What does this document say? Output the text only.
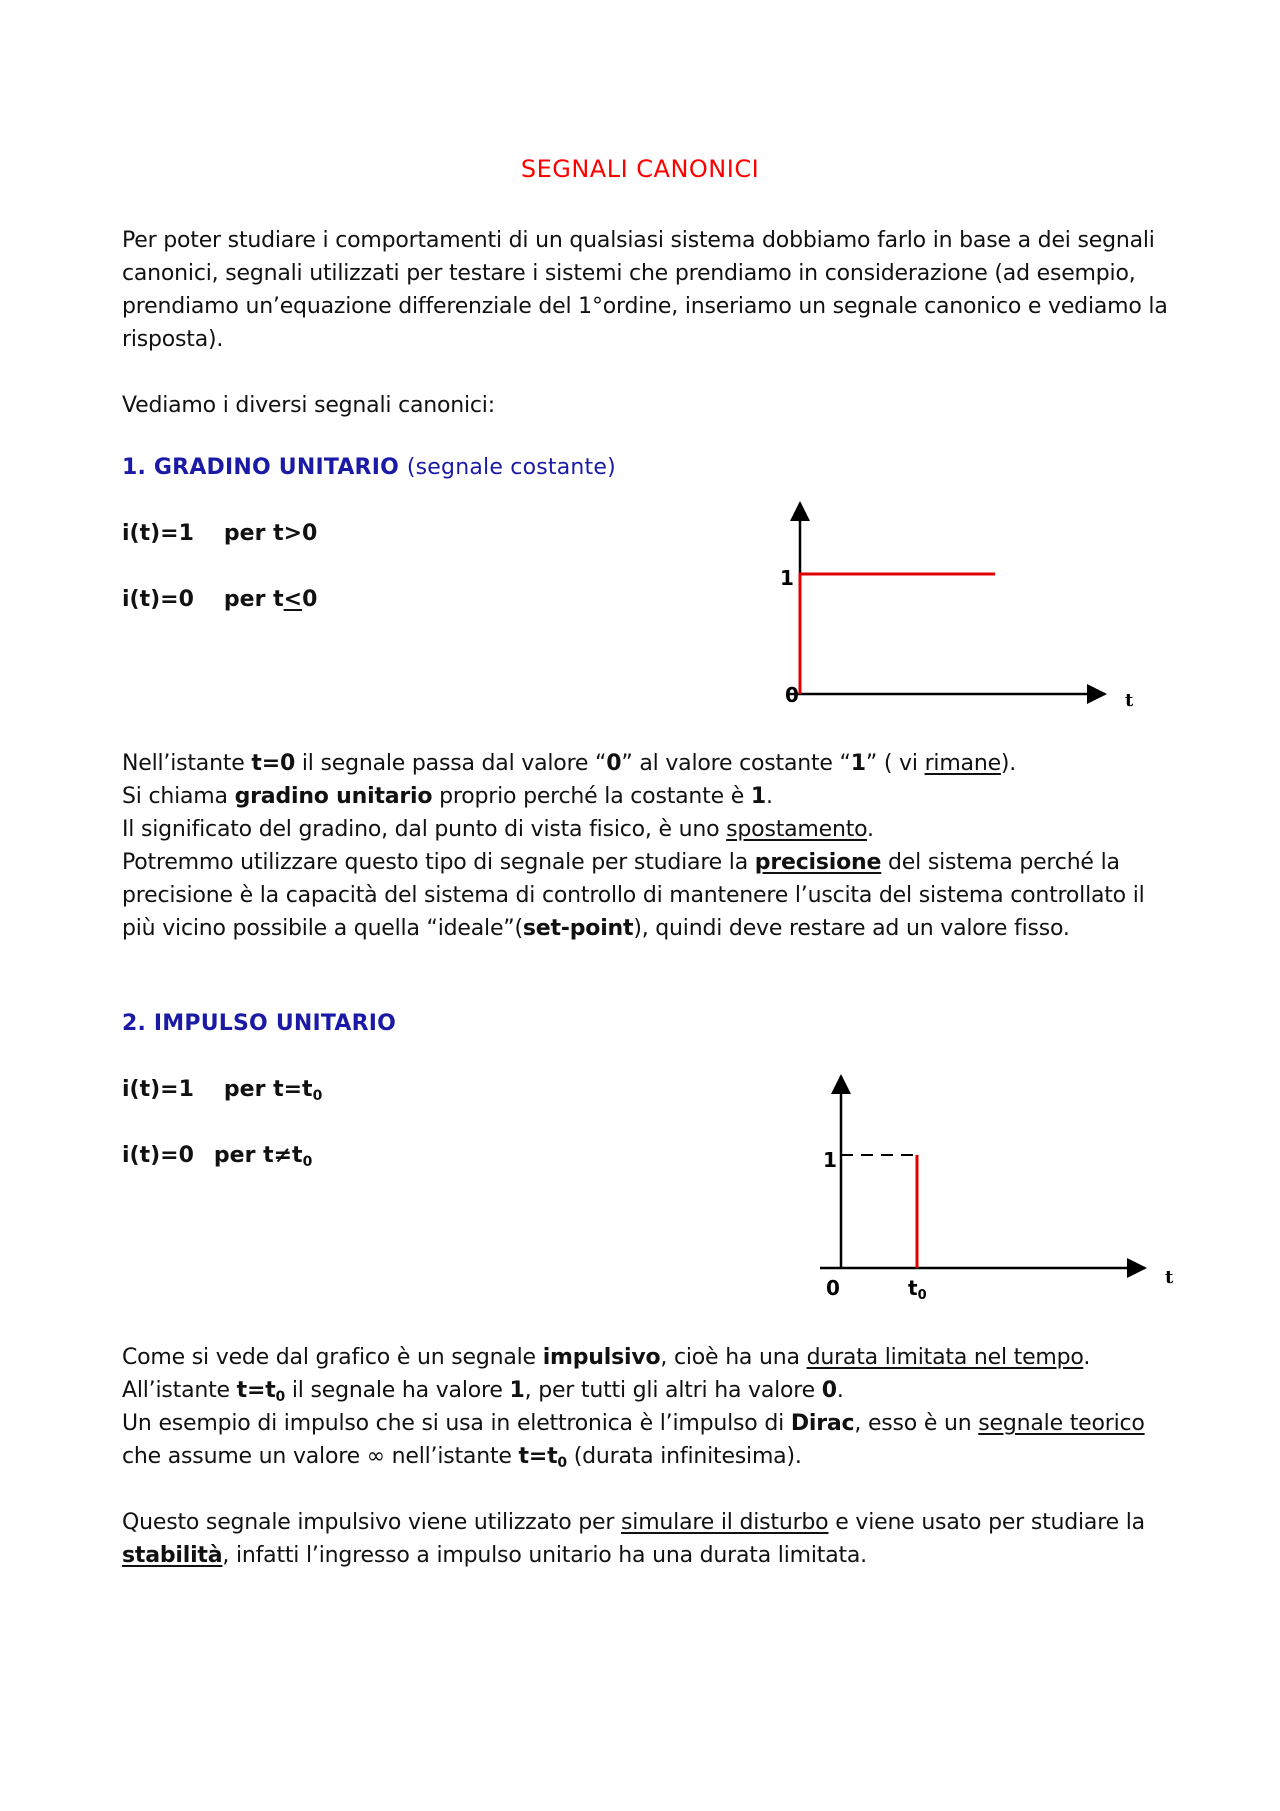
SEGNALI CANONICI
Per poter studiare i comportamenti di un qualsiasi sistema dobbiamo farlo in base a dei segnali
canonici, segnali utilizzati per testare i sistemi che prendiamo in considerazione (ad esempio,
prendiamo un’equazione differenziale del 1°ordine, inseriamo un segnale canonico e vediamo la
risposta).
Vediamo i diversi segnali canonici:
1. GRADINO UNITARIO (segnale costante)
i(t)=1 per t>0
i(t)=0 per t<0
1
0	t
Nell’istante t=0 il segnale passa dal valore “0” al valore costante “1” ( vi rimane).
Si chiama gradino unitario proprio perché la costante è 1.
Il significato del gradino, dal punto di vista fisico, è uno spostamento.
Potremmo utilizzare questo tipo di segnale per studiare la precisione del sistema perché la
precisione è la capacità del sistema di controllo di mantenere l’uscita del sistema controllato il
più vicino possibile a quella “ideale”(set-point), quindi deve restare ad un valore fisso.
2. IMPULSO UNITARIO
i(t)=1 per $t=t_0$
i(t)=0 per $t\ne t_0$	1
0	$t_0$
t
Come si vede dal grafico è un segnale impulsivo, cioè ha una durata limitata nel tempo.
All’istante $t=t_0$ il segnale ha valore 1, per tutti gli altri ha valore 0.
Un esempio di impulso che si usa in elettronica è l’impulso di Dirac, esso è un segnale teorico
che assume un valore ∞ nell’istante $t=t_0$ (durata infinitesima).
Questo segnale impulsivo viene utilizzato per simulare il disturbo e viene usato per studiare la
stabilità, infatti l’ingresso a impulso unitario ha una durata limitata.
